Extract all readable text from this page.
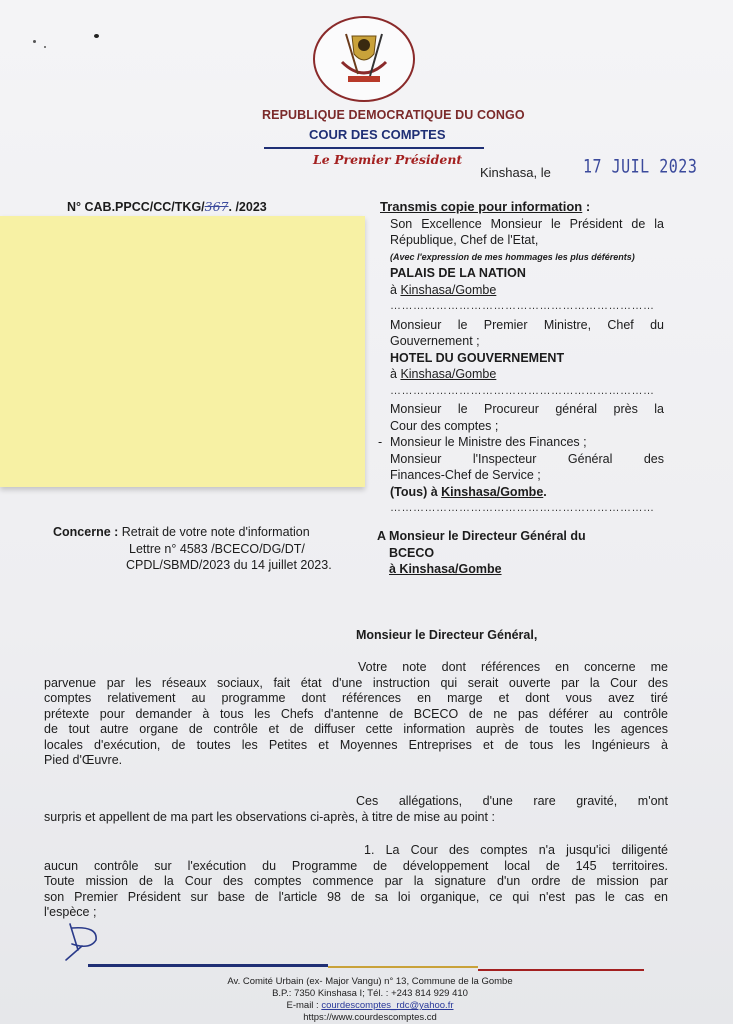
REPUBLIQUE DEMOCRATIQUE DU CONGO
COUR DES COMPTES
Le Premier Président
Kinshasa, le 17 JUIL 2023
N° CAB.PPCC/CC/TKG/367. /2023	Transmis copie pour information :
Son Excellence Monsieur le Président de la
République, Chef de l'Etat,
(Avec l'expression de mes hommages les plus déférents)
PALAIS DE LA NATION
à Kinshasa/Gombe
……………………………………………………………
Monsieur le Premier Ministre, Chef du
Gouvernement ;
HOTEL DU GOUVERNEMENT
à Kinshasa/Gombe
……………………………………………………………
Monsieur le Procureur général près la
Cour des comptes ;
- Monsieur le Ministre des Finances ;
Monsieur l'Inspecteur Général des
Finances-Chef de Service ;
(Tous) à Kinshasa/Gombe.
……………………………………………………………
Concerne : Retrait de votre note d'information
Lettre n° 4583 /BCECO/DG/DT/
CPDL/SBMD/2023 du 14 juillet 2023.
A Monsieur le Directeur Général du
BCECO
à Kinshasa/Gombe
Monsieur le Directeur Général,
Votre note dont références en concerne me
parvenue par les réseaux sociaux, fait état d'une instruction qui serait ouverte par la Cour des
comptes relativement au programme dont références en marge et dont vous avez tiré
prétexte pour demander à tous les Chefs d'antenne de BCECO de ne pas déférer au contrôle
de tout autre organe de contrôle et de diffuser cette information auprès de toutes les agences
locales d'exécution, de toutes les Petites et Moyennes Entreprises et de tous les Ingénieurs à
Pied d'Œuvre.
Ces allégations, d'une rare gravité, m'ont
surpris et appellent de ma part les observations ci-après, à titre de mise au point :
1. La Cour des comptes n'a jusqu'ici diligenté
aucun contrôle sur l'exécution du Programme de développement local de 145 territoires.
Toute mission de la Cour des comptes commence par la signature d'un ordre de mission par
son Premier Président sur base de l'article 98 de sa loi organique, ce qui n'est pas le cas en
l'espèce ;
Av. Comité Urbain (ex- Major Vangu) n° 13, Commune de la Gombe
B.P.: 7350 Kinshasa I; Tél. : +243 814 929 410
E-mail : courdescomptes_rdc@yahoo.fr
https://www.courdescomptes.cd
